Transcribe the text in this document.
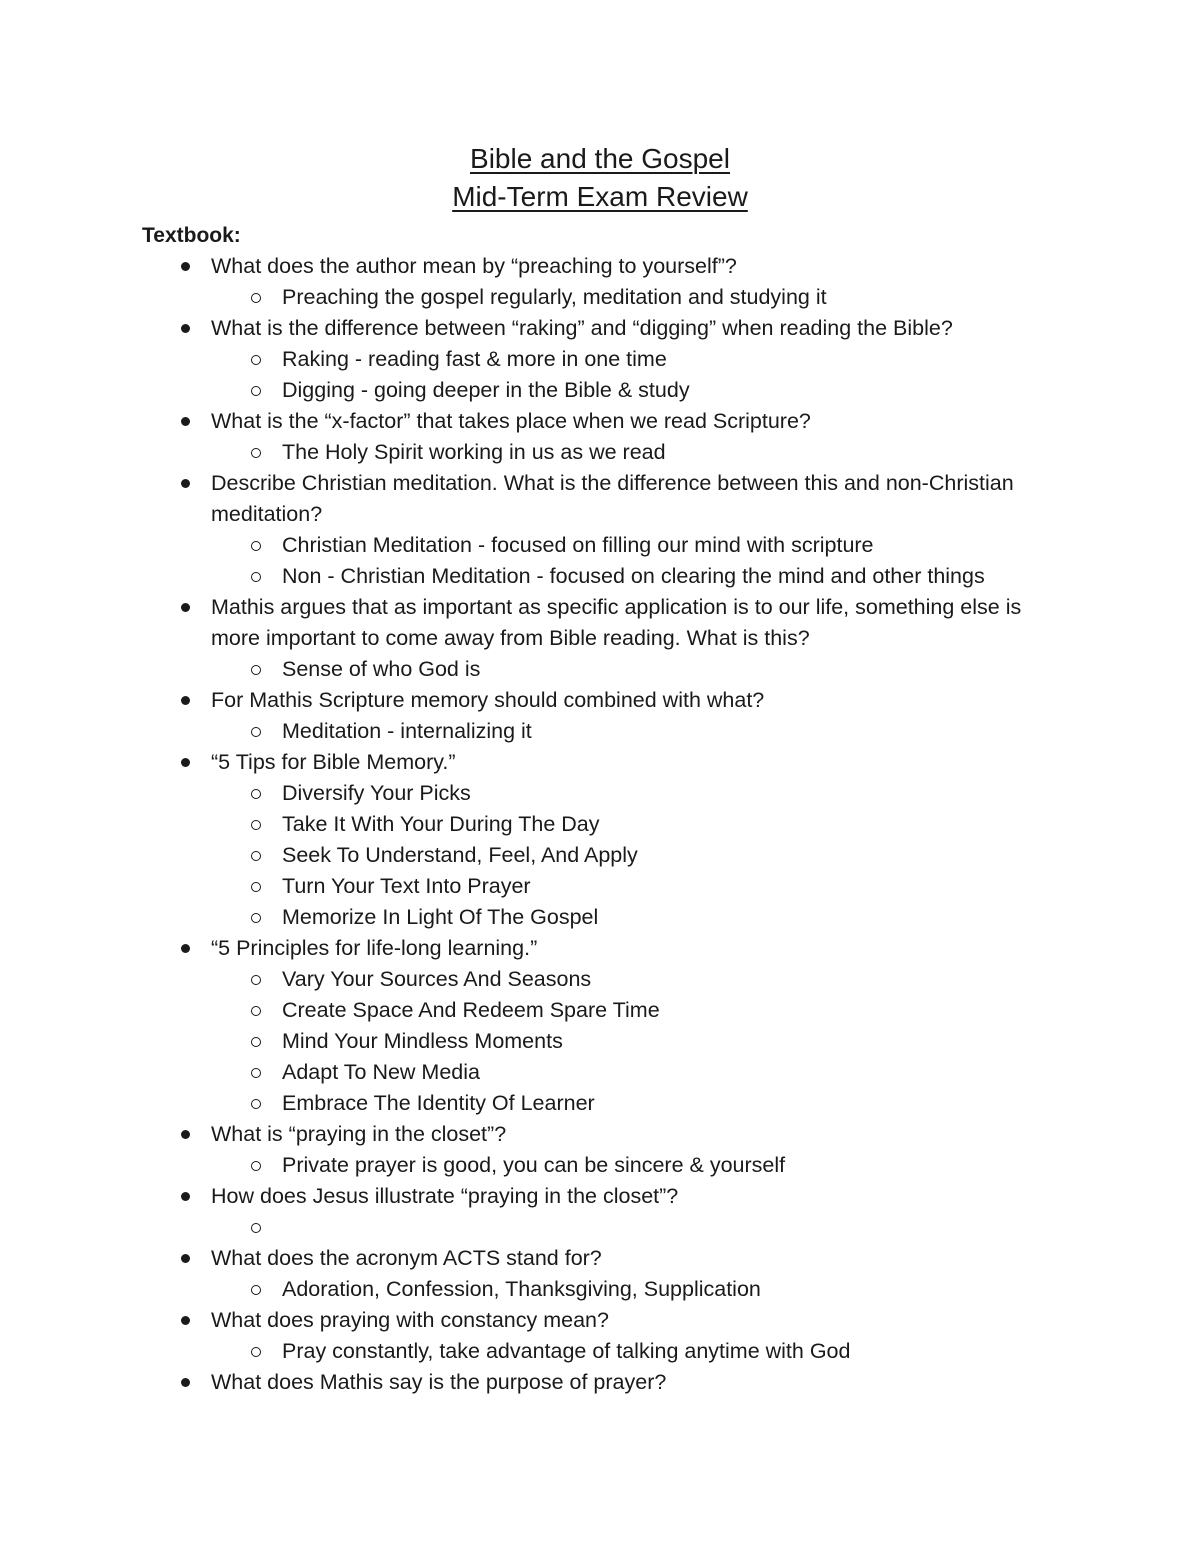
Bible and the Gospel
Mid-Term Exam Review
Textbook:
What does the author mean by “preaching to yourself”?
Preaching the gospel regularly, meditation and studying it
What is the difference between “raking” and “digging” when reading the Bible?
Raking - reading fast & more in one time
Digging - going deeper in the Bible & study
What is the “x-factor” that takes place when we read Scripture?
The Holy Spirit working in us as we read
Describe Christian meditation. What is the difference between this and non-Christian meditation?
Christian Meditation - focused on filling our mind with scripture
Non - Christian Meditation - focused on clearing the mind and other things
Mathis argues that as important as specific application is to our life, something else is more important to come away from Bible reading. What is this?
Sense of who God is
For Mathis Scripture memory should combined with what?
Meditation - internalizing it
“5 Tips for Bible Memory.”
Diversify Your Picks
Take It With Your During The Day
Seek To Understand, Feel, And Apply
Turn Your Text Into Prayer
Memorize In Light Of The Gospel
“5 Principles for life-long learning.”
Vary Your Sources And Seasons
Create Space And Redeem Spare Time
Mind Your Mindless Moments
Adapt To New Media
Embrace The Identity Of Learner
What is “praying in the closet”?
Private prayer is good, you can be sincere & yourself
How does Jesus illustrate “praying in the closet”?
What does the acronym ACTS stand for?
Adoration, Confession, Thanksgiving, Supplication
What does praying with constancy mean?
Pray constantly, take advantage of talking anytime with God
What does Mathis say is the purpose of prayer?
